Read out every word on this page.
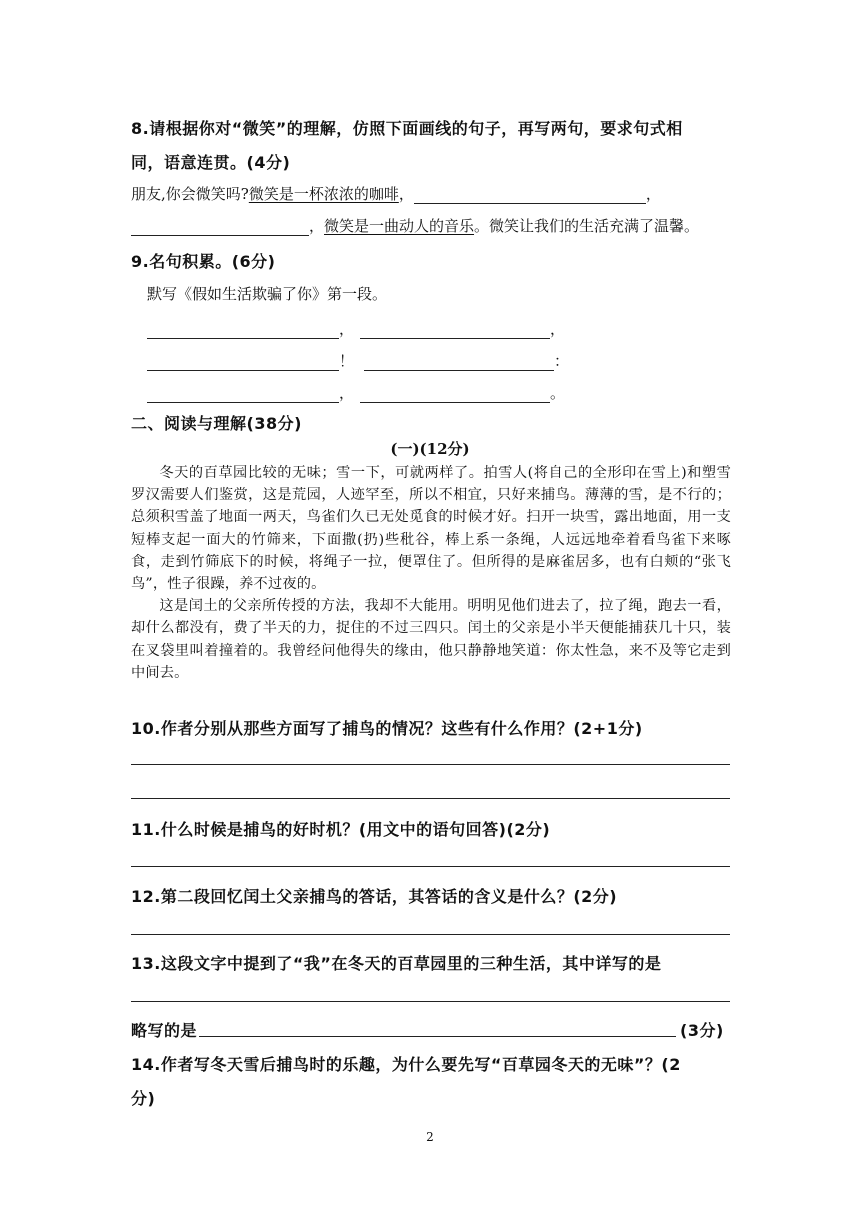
8.请根据你对“微笑”的理解，仿照下面画线的句子，再写两句，要求句式相
同，语意连贯。(4分)
朋友,你会微笑吗?微笑是一杯浓浓的咖啡，	，
，微笑是一曲动人的音乐。微笑让我们的生活充满了温馨。
9.名句积累。(6分)
默写《假如生活欺骗了你》第一段。
，	，
！	：
，	。
二、阅读与理解(38分)
(一)(12分)

冬天的百草园比较的无味；雪一下，可就两样了。拍雪人(将自己的全形印在雪上)和塑雪罗汉需要人们鉴赏，这是荒园，人迹罕至，所以不相宜，只好来捕鸟。薄薄的雪，是不行的；总须积雪盖了地面一两天，鸟雀们久已无处觅食的时候才好。扫开一块雪，露出地面，用一支短棒支起一面大的竹筛来，下面撒(扔)些秕谷，棒上系一条绳，人远远地牵着看鸟雀下来啄食，走到竹筛底下的时候，将绳子一拉，便罩住了。但所得的是麻雀居多，也有白颊的“张飞鸟”，性子很躁，养不过夜的。

这是闰土的父亲所传授的方法，我却不大能用。明明见他们进去了，拉了绳，跑去一看，却什么都没有，费了半天的力，捉住的不过三四只。闰土的父亲是小半天便能捕获几十只，装在叉袋里叫着撞着的。我曾经问他得失的缘由，他只静静地笑道：你太性急，来不及等它走到中间去。

10.作者分别从那些方面写了捕鸟的情况？这些有什么作用？(2+1分)
11.什么时候是捕鸟的好时机？(用文中的语句回答)(2分)
12.第二段回忆闰土父亲捕鸟的答话，其答话的含义是什么？(2分)
13.这段文字中提到了“我”在冬天的百草园里的三种生活，其中详写的是
略写的是	(3分)
14.作者写冬天雪后捕鸟时的乐趣，为什么要先写“百草园冬天的无味”？(2
分)
2
